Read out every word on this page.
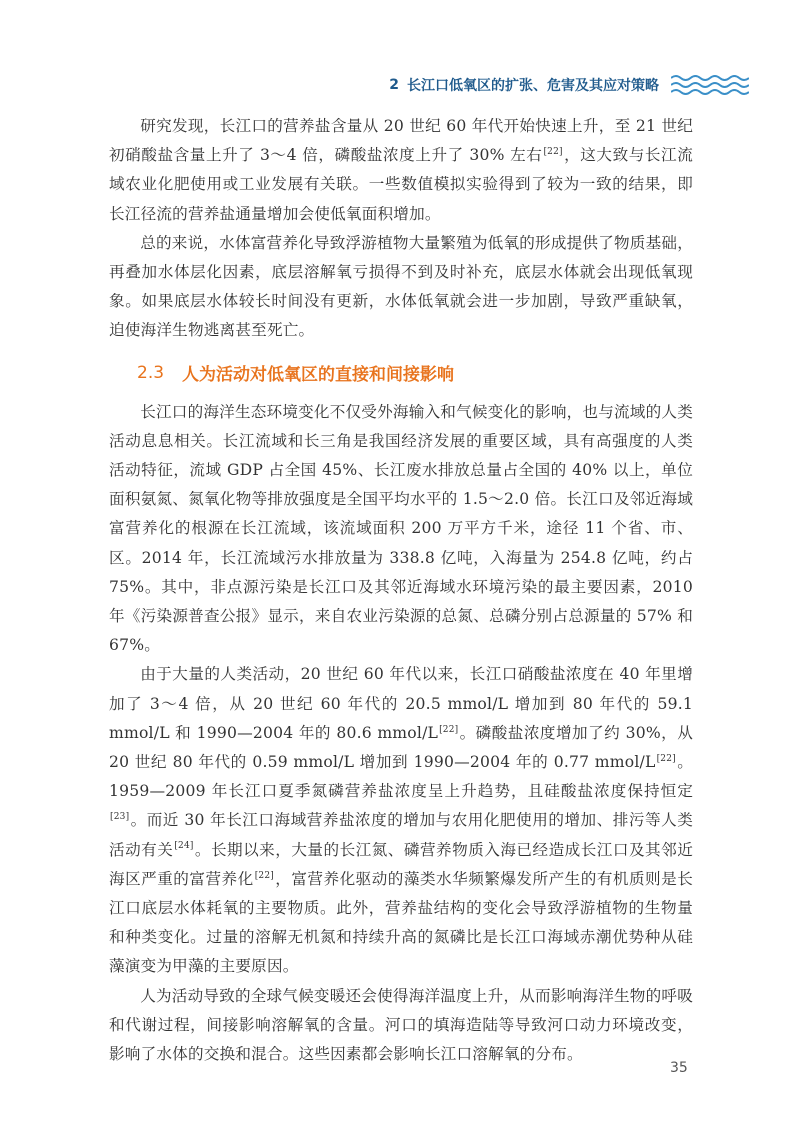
2 长江口低氧区的扩张、危害及其应对策略

研究发现，长江口的营养盐含量从 20 世纪 60 年代开始快速上升，至 21 世纪初硝酸盐含量上升了 3～4 倍，磷酸盐浓度上升了 30% 左右[22]，这大致与长江流域农业化肥使用或工业发展有关联。一些数值模拟实验得到了较为一致的结果，即长江径流的营养盐通量增加会使低氧面积增加。

总的来说，水体富营养化导致浮游植物大量繁殖为低氧的形成提供了物质基础，再叠加水体层化因素，底层溶解氧亏损得不到及时补充，底层水体就会出现低氧现象。如果底层水体较长时间没有更新，水体低氧就会进一步加剧，导致严重缺氧，迫使海洋生物逃离甚至死亡。

2.3 人为活动对低氧区的直接和间接影响

长江口的海洋生态环境变化不仅受外海输入和气候变化的影响，也与流域的人类活动息息相关。长江流域和长三角是我国经济发展的重要区域，具有高强度的人类活动特征，流域 GDP 占全国 45%、长江废水排放总量占全国的 40% 以上，单位面积氨氮、氮氧化物等排放强度是全国平均水平的 1.5～2.0 倍。长江口及邻近海域富营养化的根源在长江流域，该流域面积 200 万平方千米，途径 11 个省、市、区。2014 年，长江流域污水排放量为 338.8 亿吨，入海量为 254.8 亿吨，约占 75%。其中，非点源污染是长江口及其邻近海域水环境污染的最主要因素，2010 年《污染源普查公报》显示，来自农业污染源的总氮、总磷分别占总源量的 57% 和 67%。

由于大量的人类活动，20 世纪 60 年代以来，长江口硝酸盐浓度在 40 年里增加了 3～4 倍，从 20 世纪 60 年代的 20.5 mmol/L 增加到 80 年代的 59.1 mmol/L 和 1990—2004 年的 80.6 mmol/L[22]。磷酸盐浓度增加了约 30%，从 20 世纪 80 年代的 0.59 mmol/L 增加到 1990—2004 年的 0.77 mmol/L[22]。1959—2009 年长江口夏季氮磷营养盐浓度呈上升趋势，且硅酸盐浓度保持恒定[23]。而近 30 年长江口海域营养盐浓度的增加与农用化肥使用的增加、排污等人类活动有关[24]。长期以来，大量的长江氮、磷营养物质入海已经造成长江口及其邻近海区严重的富营养化[22]，富营养化驱动的藻类水华频繁爆发所产生的有机质则是长江口底层水体耗氧的主要物质。此外，营养盐结构的变化会导致浮游植物的生物量和种类变化。过量的溶解无机氮和持续升高的氮磷比是长江口海域赤潮优势种从硅藻演变为甲藻的主要原因。

人为活动导致的全球气候变暖还会使得海洋温度上升，从而影响海洋生物的呼吸和代谢过程，间接影响溶解氧的含量。河口的填海造陆等导致河口动力环境改变，影响了水体的交换和混合。这些因素都会影响长江口溶解氧的分布。

35
